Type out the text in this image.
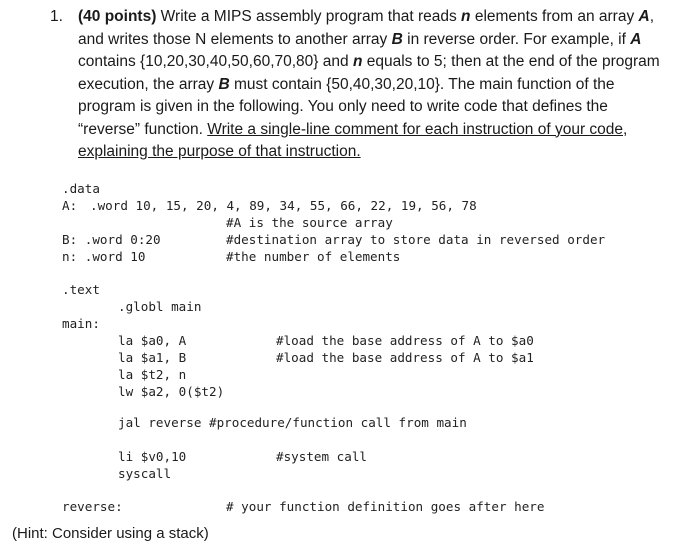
1. (40 points) Write a MIPS assembly program that reads n elements from an array A,
and writes those N elements to another array B in reverse order. For example, if A
contains {10,20,30,40,50,60,70,80} and n equals to 5; then at the end of the program
execution, the array B must contain {50,40,30,20,10}. The main function of the
program is given in the following. You only need to write code that defines the
“reverse” function. Write a single-line comment for each instruction of your code,
explaining the purpose of that instruction.
.data
A: .word 10, 15, 20, 4, 89, 34, 55, 66, 22, 19, 56, 78
#A is the source array
B: .word 0:20	#destination array to store data in reversed order
n: .word 10	#the number of elements
.text
.globl main
main:
la $a0, A	#load the base address of A to $a0
la $a1, B	#load the base address of A to $a1
la $t2, n
lw $a2, 0($t2)
jal reverse #procedure/function call from main
li $v0,10	#system call
syscall
reverse:	# your function definition goes after here
(Hint: Consider using a stack)
